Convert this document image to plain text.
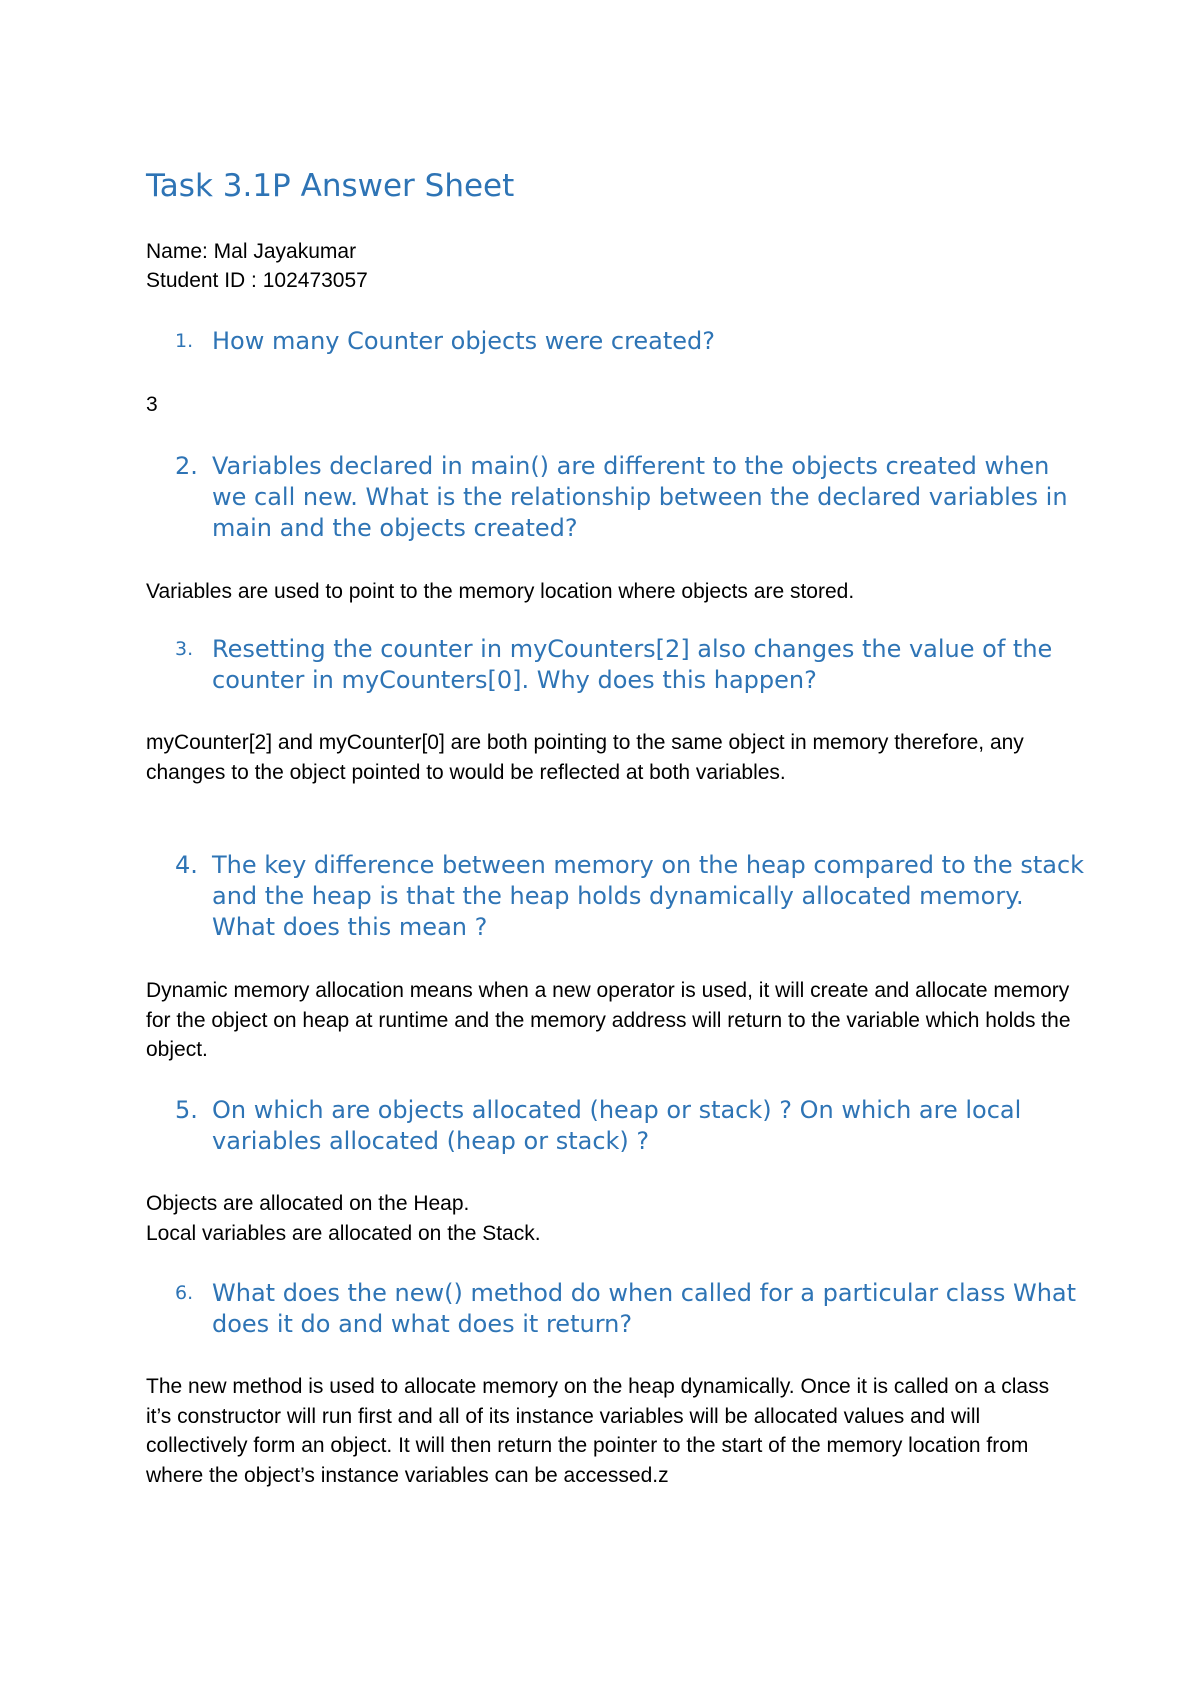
Task 3.1P Answer Sheet
Name: Mal Jayakumar
Student ID : 102473057
1. How many Counter objects were created?

3

2. Variables declared in main() are different to the objects created when we call new. What is the relationship between the declared variables in main and the objects created?

Variables are used to point to the memory location where objects are stored.

3. Resetting the counter in myCounters[2] also changes the value of the counter in myCounters[0]. Why does this happen?

myCounter[2] and myCounter[0] are both pointing to the same object in memory therefore, any changes to the object pointed to would be reflected at both variables.

4. The key difference between memory on the heap compared to the stack and the heap is that the heap holds dynamically allocated memory. What does this mean ?

Dynamic memory allocation means when a new operator is used, it will create and allocate memory for the object on heap at runtime and the memory address will return to the variable which holds the object.

5. On which are objects allocated (heap or stack) ? On which are local variables allocated (heap or stack) ?

Objects are allocated on the Heap.

Local variables are allocated on the Stack.

6. What does the new() method do when called for a particular class What does it do and what does it return?

The new method is used to allocate memory on the heap dynamically. Once it is called on a class it’s constructor will run first and all of its instance variables will be allocated values and will collectively form an object. It will then return the pointer to the start of the memory location from where the object’s instance variables can be accessed.z
